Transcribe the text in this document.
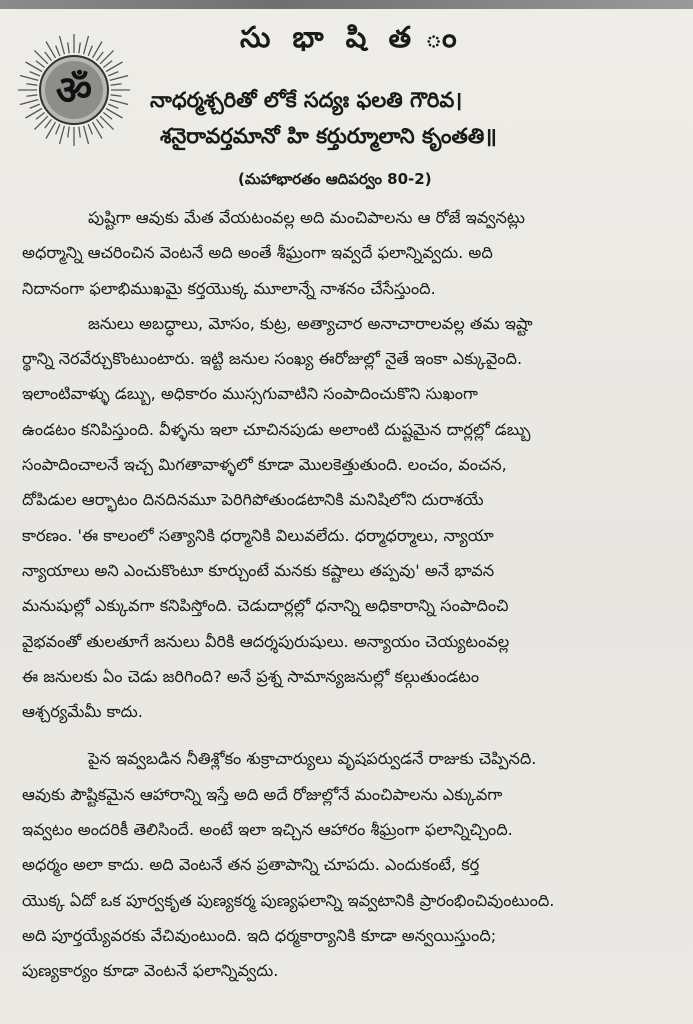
ॐ
సు భా షి త ం
నాధర్మశ్చరితో లోకే సద్యః ఫలతి గౌరివ।
శనైరావర్తమానో హి కర్తుర్మూలాని కృంతతి॥
(మహాభారతం ఆదిపర్వం 80-2)
పుష్టిగా ఆవుకు మేత వేయటంవల్ల అది మంచిపాలను ఆ రోజే ఇవ్వనట్లు
అధర్మాన్ని ఆచరించిన వెంటనే అది అంతే శీఘ్రంగా ఇవ్వదే ఫలాన్నివ్వదు. అది
నిదానంగా ఫలాభిముఖమై కర్తయొక్క మూలాన్నే నాశనం చేసేస్తుంది.
జనులు అబద్ధాలు, మోసం, కుట్ర, అత్యాచార అనాచారాలవల్ల తమ ఇష్టా
ర్థాన్ని నెరవేర్చుకొంటుంటారు. ఇట్టి జనుల సంఖ్య ఈరోజుల్లో నైతే ఇంకా ఎక్కువైంది.
ఇలాంటివాళ్ళు డబ్బు, అధికారం ముస్సగువాటిని సంపాదించుకొని సుఖంగా
ఉండటం కనిపిస్తుంది. వీళ్ళను ఇలా చూచినపుడు అలాంటి దుష్టమైన దార్లల్లో డబ్బు
సంపాదించాలనే ఇచ్చ మిగతావాళ్ళలో కూడా మొలకెత్తుతుంది. లంచం, వంచన,
దోపిడుల ఆర్భాటం దినదినమూ పెరిగిపోతుండటానికి మనిషిలోని దురాశయే
కారణం. 'ఈ కాలంలో సత్యానికి ధర్మానికి విలువలేదు. ధర్మాధర్మాలు, న్యాయా
న్యాయాలు అని ఎంచుకొంటూ కూర్చుంటే మనకు కష్టాలు తప్పవు' అనే భావన
మనుషుల్లో ఎక్కువగా కనిపిస్తోంది. చెడుదార్లల్లో ధనాన్ని అధికారాన్ని సంపాదించి
వైభవంతో తులతూగే జనులు వీరికి ఆదర్శపురుషులు. అన్యాయం చెయ్యటంవల్ల
ఈ జనులకు ఏం చెడు జరిగింది? అనే ప్రశ్న సామాన్యజనుల్లో కల్గుతుండటం
ఆశ్చర్యమేమీ కాదు.
పైన ఇవ్వబడిన నీతిశ్లోకం శుక్రాచార్యులు వృషపర్వుడనే రాజుకు చెప్పినది.
ఆవుకు పౌష్టికమైన ఆహారాన్ని ఇస్తే అది అదే రోజుల్లోనే మంచిపాలను ఎక్కువగా
ఇవ్వటం అందరికీ తెలిసిందే. అంటే ఇలా ఇచ్చిన ఆహారం శీఘ్రంగా ఫలాన్నిచ్చింది.
అధర్మం అలా కాదు. అది వెంటనే తన ప్రతాపాన్ని చూపదు. ఎందుకంటే, కర్త
యొక్క ఏదో ఒక పూర్వకృత పుణ్యకర్మ పుణ్యఫలాన్ని ఇవ్వటానికి ప్రారంభించివుంటుంది.
అది పూర్తయ్యేవరకు వేచివుంటుంది. ఇది ధర్మకార్యానికి కూడా అన్వయిస్తుంది;
పుణ్యకార్యం కూడా వెంటనే ఫలాన్నివ్వదు.
